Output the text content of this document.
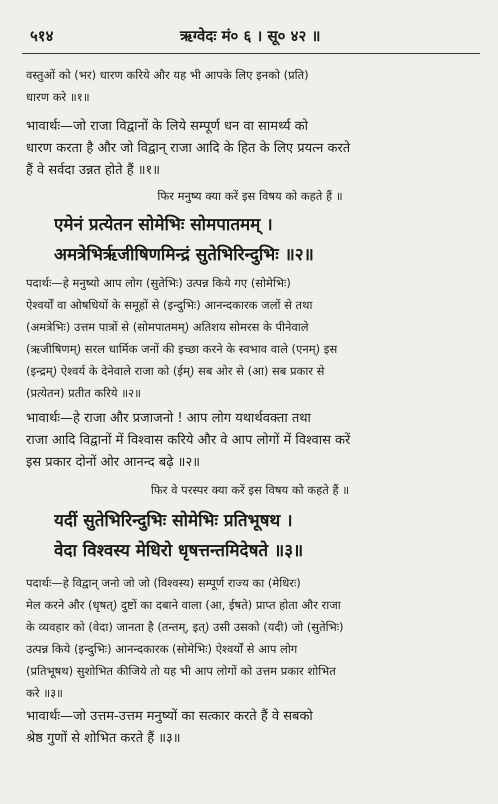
५१४	ऋग्वेदः मं० ६ । सू० ४२ ॥
वस्तुओं को (भर) धारण करिये और यह भी आपके लिए इनको (प्रति)
धारण करे ॥१॥
भावार्थः—जो राजा विद्वानों के लिये सम्पूर्ण धन वा सामर्थ्य को
धारण करता है और जो विद्वान् राजा आदि के हित के लिए प्रयत्न करते
हैं वे सर्वदा उन्नत होते हैं ॥१॥
फिर मनुष्य क्या करें इस विषय को कहते हैं ॥
एमेनं प्रत्येतन सोमेभिः सोमपातमम् ।
अमत्रेभिर्ऋजीषिणमिन्द्रं सुतेभिरिन्दुभिः ॥२॥
पदार्थः—हे मनुष्यो आप लोग (सुतेभिः) उत्पन्न किये गए (सोमेभिः)
ऐश्वर्यों वा ओषधियों के समूहों से (इन्दुभिः) आनन्दकारक जलों से तथा
(अमत्रेभिः) उत्तम पात्रों से (सोमपातमम्) अतिशय सोमरस के पीनेवाले
(ऋजीषिणम्) सरल धार्मिक जनों की इच्छा करने के स्वभाव वाले (एनम्) इस
(इन्द्रम्) ऐश्वर्य के देनेवाले राजा को (ईम्) सब ओर से (आ) सब प्रकार से
(प्रत्येतन) प्रतीत करिये ॥२॥
भावार्थः—हे राजा और प्रजाजनो ! आप लोग यथार्थवक्ता तथा
राजा आदि विद्वानों में विश्वास करिये और वे आप लोगों में विश्वास करें
इस प्रकार दोनों ओर आनन्द बढ़े ॥२॥
फिर वे परस्पर क्या करें इस विषय को कहते हैं ॥
यदीं सुतेभिरिन्दुभिः सोमेभिः प्रतिभूषथ ।
वेदा विश्वस्य मेधिरो धृषत्तन्तमिदेषते ॥३॥
पदार्थः—हे विद्वान् जनो जो जो (विश्वस्य) सम्पूर्ण राज्य का (मेधिरः)
मेल करने और (धृषत्) दुष्टों का दबाने वाला (आ, ईषते) प्राप्त होता और राजा
के व्यवहार को (वेदा) जानता है (तन्तम्, इत्) उसी उसको (यदी) जो (सुतेभिः)
उत्पन्न किये (इन्दुभिः) आनन्दकारक (सोमेभिः) ऐश्वर्यों से आप लोग
(प्रतिभूषथ) सुशोभित कीजिये तो यह भी आप लोगों को उत्तम प्रकार शोभित
करे ॥३॥
भावार्थः—जो उत्तम-उत्तम मनुष्यों का सत्कार करते हैं वे सबको
श्रेष्ठ गुणों से शोभित करते हैं ॥३॥
